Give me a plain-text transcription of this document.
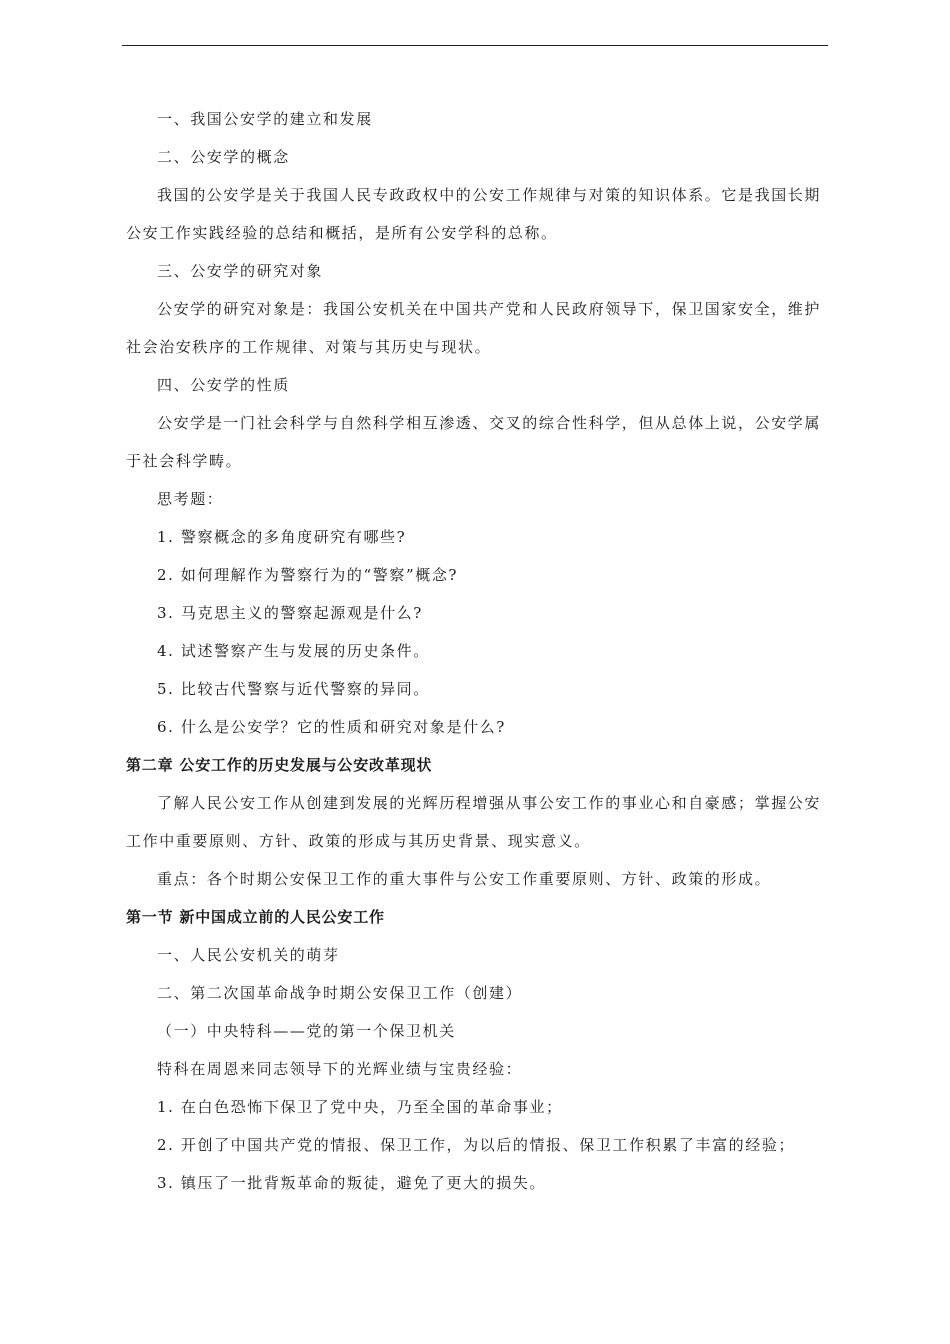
一、我国公安学的建立和发展
二、公安学的概念
我国的公安学是关于我国人民专政政权中的公安工作规律与对策的知识体系。它是我国长期
公安工作实践经验的总结和概括，是所有公安学科的总称。
三、公安学的研究对象
公安学的研究对象是：我国公安机关在中国共产党和人民政府领导下，保卫国家安全，维护
社会治安秩序的工作规律、对策与其历史与现状。
四、公安学的性质
公安学是一门社会科学与自然科学相互渗透、交叉的综合性科学，但从总体上说，公安学属
于社会科学畴。
思考题：
1. 警察概念的多角度研究有哪些?
2. 如何理解作为警察行为的“警察”概念?
3. 马克思主义的警察起源观是什么?
4. 试述警察产生与发展的历史条件。
5. 比较古代警察与近代警察的异同。
6. 什么是公安学？它的性质和研究对象是什么?
第二章 公安工作的历史发展与公安改革现状
了解人民公安工作从创建到发展的光辉历程增强从事公安工作的事业心和自豪感；掌握公安
工作中重要原则、方针、政策的形成与其历史背景、现实意义。
重点：各个时期公安保卫工作的重大事件与公安工作重要原则、方针、政策的形成。
第一节 新中国成立前的人民公安工作
一、人民公安机关的萌芽
二、第二次国革命战争时期公安保卫工作（创建）
（一）中央特科——党的第一个保卫机关
特科在周恩来同志领导下的光辉业绩与宝贵经验：
1. 在白色恐怖下保卫了党中央，乃至全国的革命事业；
2. 开创了中国共产党的情报、保卫工作，为以后的情报、保卫工作积累了丰富的经验；
3. 镇压了一批背叛革命的叛徒，避免了更大的损失。
